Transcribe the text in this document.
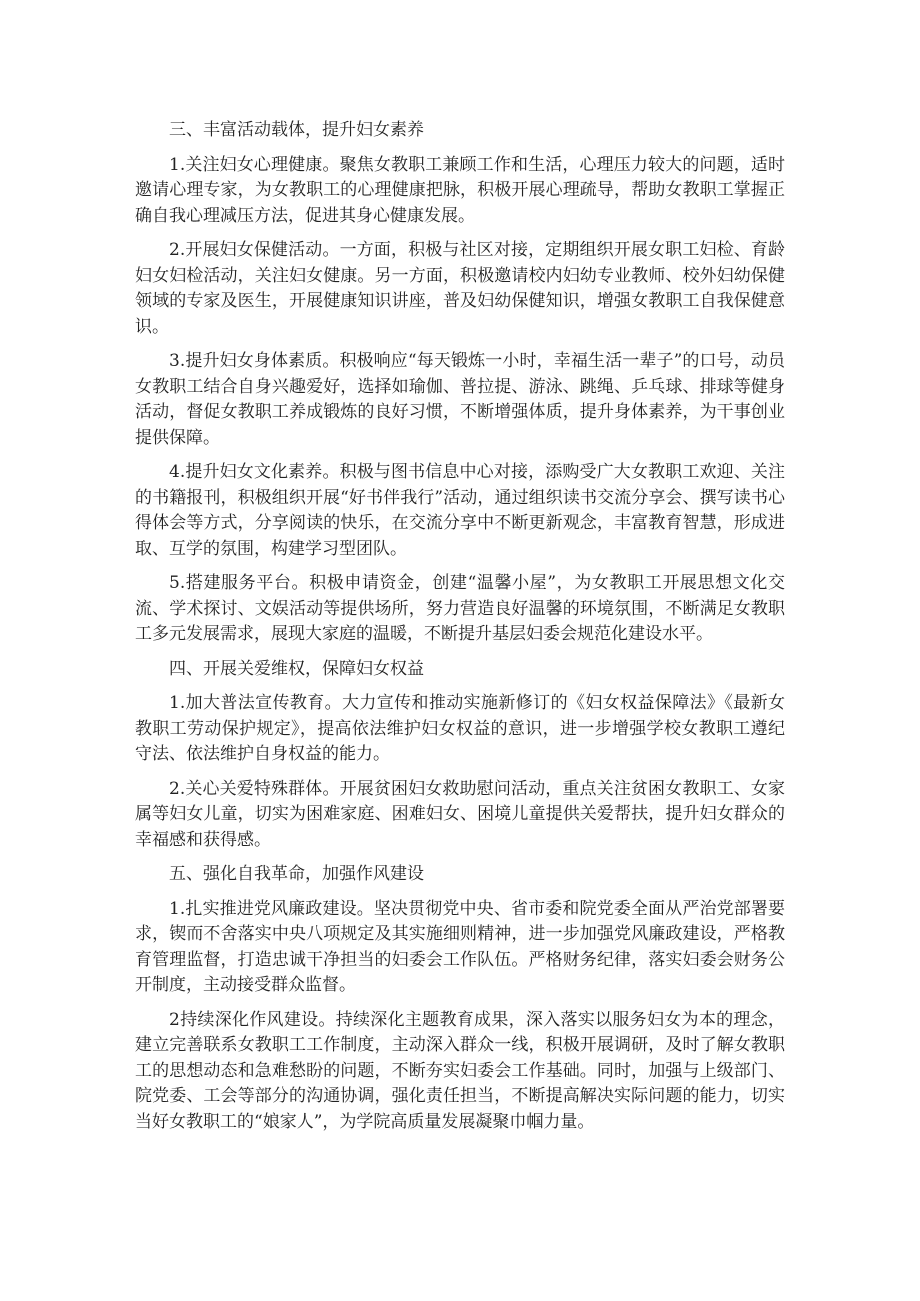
三、丰富活动载体，提升妇女素养

1.关注妇女心理健康。聚焦女教职工兼顾工作和生活，心理压力较大的问题，适时邀请心理专家，为女教职工的心理健康把脉，积极开展心理疏导，帮助女教职工掌握正确自我心理减压方法，促进其身心健康发展。

2.开展妇女保健活动。一方面，积极与社区对接，定期组织开展女职工妇检、育龄妇女妇检活动，关注妇女健康。另一方面，积极邀请校内妇幼专业教师、校外妇幼保健领域的专家及医生，开展健康知识讲座，普及妇幼保健知识，增强女教职工自我保健意识。

3.提升妇女身体素质。积极响应“每天锻炼一小时，幸福生活一辈子”的口号，动员女教职工结合自身兴趣爱好，选择如瑜伽、普拉提、游泳、跳绳、乒乓球、排球等健身活动，督促女教职工养成锻炼的良好习惯，不断增强体质，提升身体素养，为干事创业提供保障。

4.提升妇女文化素养。积极与图书信息中心对接，添购受广大女教职工欢迎、关注的书籍报刊，积极组织开展“好书伴我行”活动，通过组织读书交流分享会、撰写读书心得体会等方式，分享阅读的快乐，在交流分享中不断更新观念，丰富教育智慧，形成进取、互学的氛围，构建学习型团队。

5.搭建服务平台。积极申请资金，创建“温馨小屋”，为女教职工开展思想文化交流、学术探讨、文娱活动等提供场所，努力营造良好温馨的环境氛围，不断满足女教职工多元发展需求，展现大家庭的温暖，不断提升基层妇委会规范化建设水平。

四、开展关爱维权，保障妇女权益

1.加大普法宣传教育。大力宣传和推动实施新修订的《妇女权益保障法》《最新女教职工劳动保护规定》，提高依法维护妇女权益的意识，进一步增强学校女教职工遵纪守法、依法维护自身权益的能力。

2.关心关爱特殊群体。开展贫困妇女救助慰问活动，重点关注贫困女教职工、女家属等妇女儿童，切实为困难家庭、困难妇女、困境儿童提供关爱帮扶，提升妇女群众的幸福感和获得感。

五、强化自我革命，加强作风建设

1.扎实推进党风廉政建设。坚决贯彻党中央、省市委和院党委全面从严治党部署要求，锲而不舍落实中央八项规定及其实施细则精神，进一步加强党风廉政建设，严格教育管理监督，打造忠诚干净担当的妇委会工作队伍。严格财务纪律，落实妇委会财务公开制度，主动接受群众监督。

2持续深化作风建设。持续深化主题教育成果，深入落实以服务妇女为本的理念，建立完善联系女教职工工作制度，主动深入群众一线，积极开展调研，及时了解女教职工的思想动态和急难愁盼的问题，不断夯实妇委会工作基础。同时，加强与上级部门、院党委、工会等部分的沟通协调，强化责任担当，不断提高解决实际问题的能力，切实当好女教职工的“娘家人”，为学院高质量发展凝聚巾帼力量。
